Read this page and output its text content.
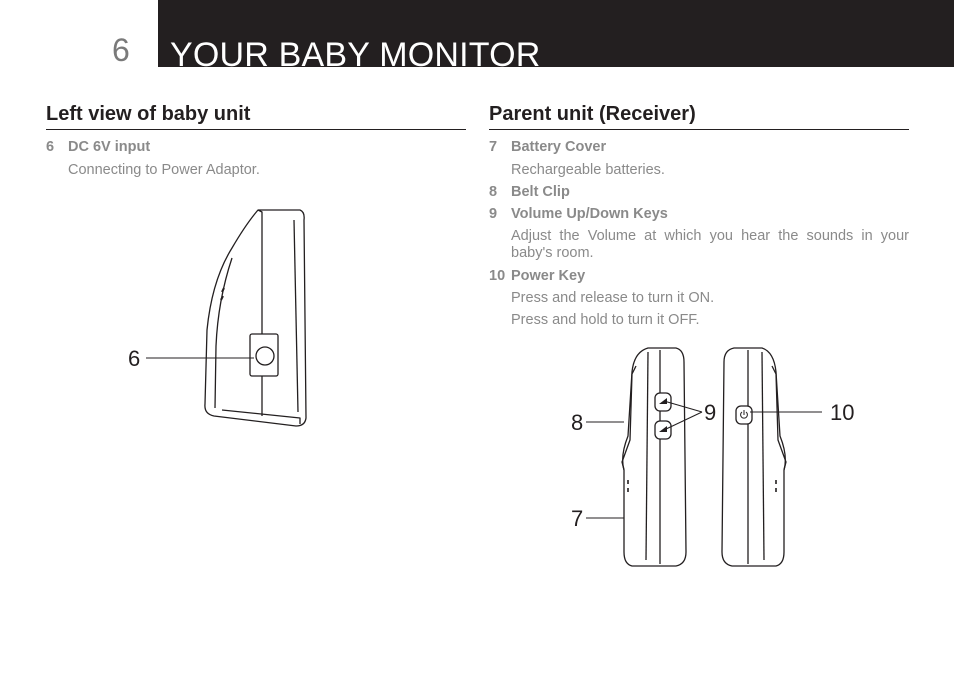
6 YOUR BABY MONITOR
Left view of baby unit
6 DC 6V input
Connecting to Power Adaptor.
Parent unit (Receiver)
7 Battery Cover
Rechargeable batteries.
8 Belt Clip
9 Volume Up/Down Keys
Adjust the Volume at which you hear the sounds in your baby's room.
10 Power Key
Press and release to turn it ON.
Press and hold to turn it OFF.
6
8	9
7
10
